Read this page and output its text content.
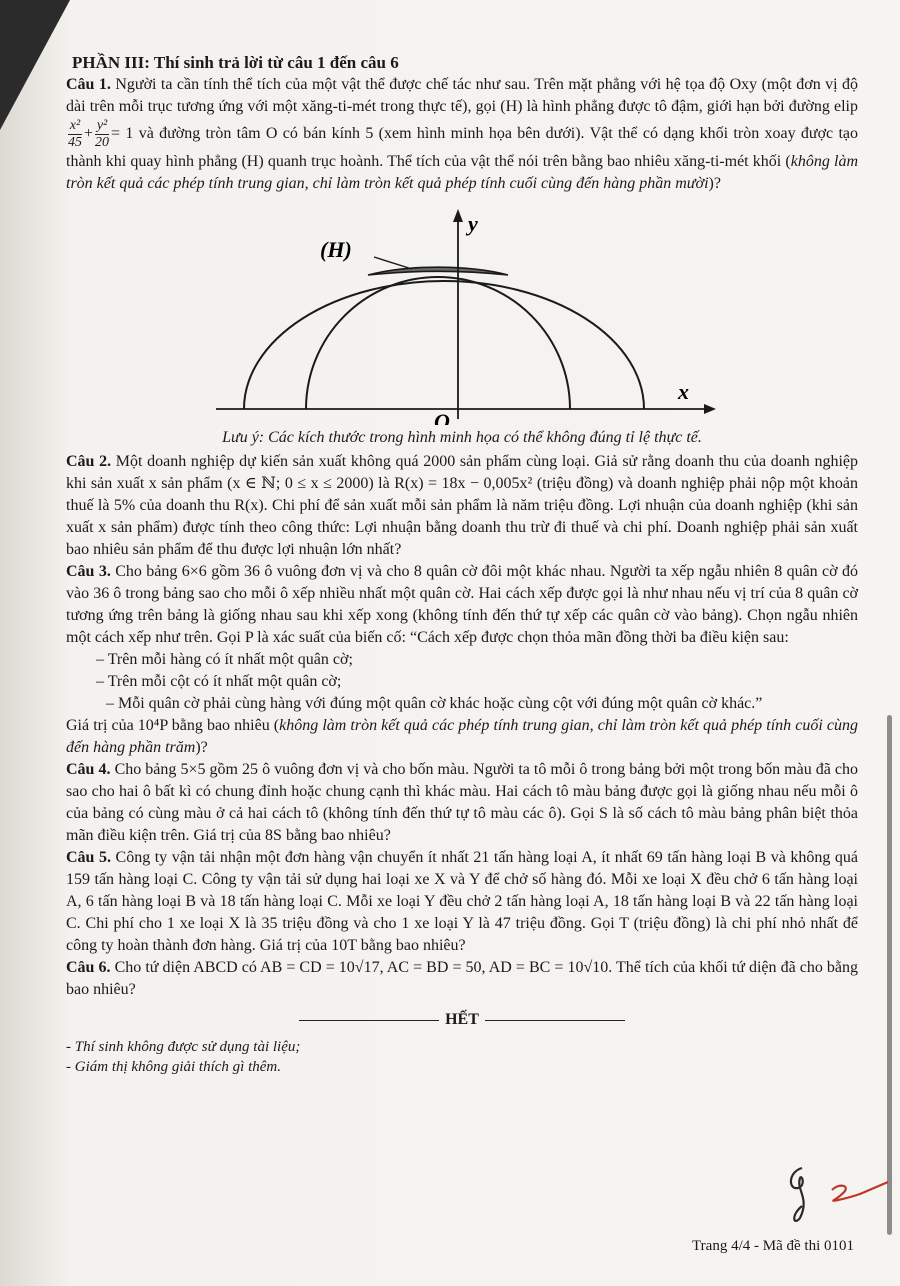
PHẦN III: Thí sinh trả lời từ câu 1 đến câu 6

Câu 1. Người ta cần tính thể tích của một vật thể được chế tác như sau. Trên mặt phẳng với hệ tọa độ Oxy (một đơn vị độ dài trên mỗi trục tương ứng với một xăng-ti-mét trong thực tế), gọi (H) là hình phẳng được tô đậm, giới hạn bởi đường elip
$\frac{\text{x²}}{45} + \frac{\text{y²}}{20} = 1$ và đường tròn tâm O có bán kính 5 (xem hình minh họa bên dưới). Vật thể có dạng khối tròn xoay được tạo thành khi quay hình phẳng (H) quanh trục hoành. Thể tích của vật thể nói trên bằng bao nhiêu xăng-ti-mét khối (không làm tròn kết quả các phép tính trung gian, chỉ làm tròn kết quả phép tính cuối cùng đến hàng phần mười)?

(H)
y
x
O
Lưu ý: Các kích thước trong hình minh họa có thể không đúng tỉ lệ thực tế.

Câu 2. Một doanh nghiệp dự kiến sản xuất không quá 2000 sản phẩm cùng loại. Giả sử rằng doanh thu của doanh nghiệp khi sản xuất x sản phẩm (x ∈ ℕ; 0 ≤ x ≤ 2000) là R(x) = 18x − 0,005x² (triệu đồng) và doanh nghiệp phải nộp một khoản thuế là 5% của doanh thu R(x). Chi phí để sản xuất mỗi sản phẩm là năm triệu đồng. Lợi nhuận của doanh nghiệp (khi sản xuất x sản phẩm) được tính theo công thức: Lợi nhuận bằng doanh thu trừ đi thuế và chi phí. Doanh nghiệp phải sản xuất bao nhiêu sản phẩm để thu được lợi nhuận lớn nhất?

Câu 3. Cho bảng 6×6 gồm 36 ô vuông đơn vị và cho 8 quân cờ đôi một khác nhau. Người ta xếp ngẫu nhiên 8 quân cờ đó vào 36 ô trong bảng sao cho mỗi ô xếp nhiều nhất một quân cờ. Hai cách xếp được gọi là như nhau nếu vị trí của 8 quân cờ tương ứng trên bảng là giống nhau sau khi xếp xong (không tính đến thứ tự xếp các quân cờ vào bảng). Chọn ngẫu nhiên một cách xếp như trên. Gọi P là xác suất của biến cố: “Cách xếp được chọn thỏa mãn đồng thời ba điều kiện sau:

– Trên mỗi hàng có ít nhất một quân cờ;

– Trên mỗi cột có ít nhất một quân cờ;

– Mỗi quân cờ phải cùng hàng với đúng một quân cờ khác hoặc cùng cột với đúng một quân cờ khác.”

Giá trị của 10⁴P bằng bao nhiêu (không làm tròn kết quả các phép tính trung gian, chỉ làm tròn kết quả phép tính cuối cùng đến hàng phần trăm)?

Câu 4. Cho bảng 5×5 gồm 25 ô vuông đơn vị và cho bốn màu. Người ta tô mỗi ô trong bảng bởi một trong bốn màu đã cho sao cho hai ô bất kì có chung đỉnh hoặc chung cạnh thì khác màu. Hai cách tô màu bảng được gọi là giống nhau nếu mỗi ô của bảng có cùng màu ở cả hai cách tô (không tính đến thứ tự tô màu các ô). Gọi S là số cách tô màu bảng phân biệt thỏa mãn điều kiện trên. Giá trị của 8S bằng bao nhiêu?

Câu 5. Công ty vận tải nhận một đơn hàng vận chuyển ít nhất 21 tấn hàng loại A, ít nhất 69 tấn hàng loại B và không quá 159 tấn hàng loại C. Công ty vận tải sử dụng hai loại xe X và Y để chở số hàng đó. Mỗi xe loại X đều chở 6 tấn hàng loại A, 6 tấn hàng loại B và 18 tấn hàng loại C. Mỗi xe loại Y đều chở 2 tấn hàng loại A, 18 tấn hàng loại B và 22 tấn hàng loại C. Chi phí cho 1 xe loại X là 35 triệu đồng và cho 1 xe loại Y là 47 triệu đồng. Gọi T (triệu đồng) là chi phí nhỏ nhất để công ty hoàn thành đơn hàng. Giá trị của 10T bằng bao nhiêu?

Câu 6. Cho tứ diện ABCD có AB = CD = 10√17, AC = BD = 50, AD = BC = 10√10. Thể tích của khối tứ diện đã cho bằng bao nhiêu?

HẾT
- Thí sinh không được sử dụng tài liệu;
- Giám thị không giải thích gì thêm.
Trang 4/4 - Mã đề thi 0101
